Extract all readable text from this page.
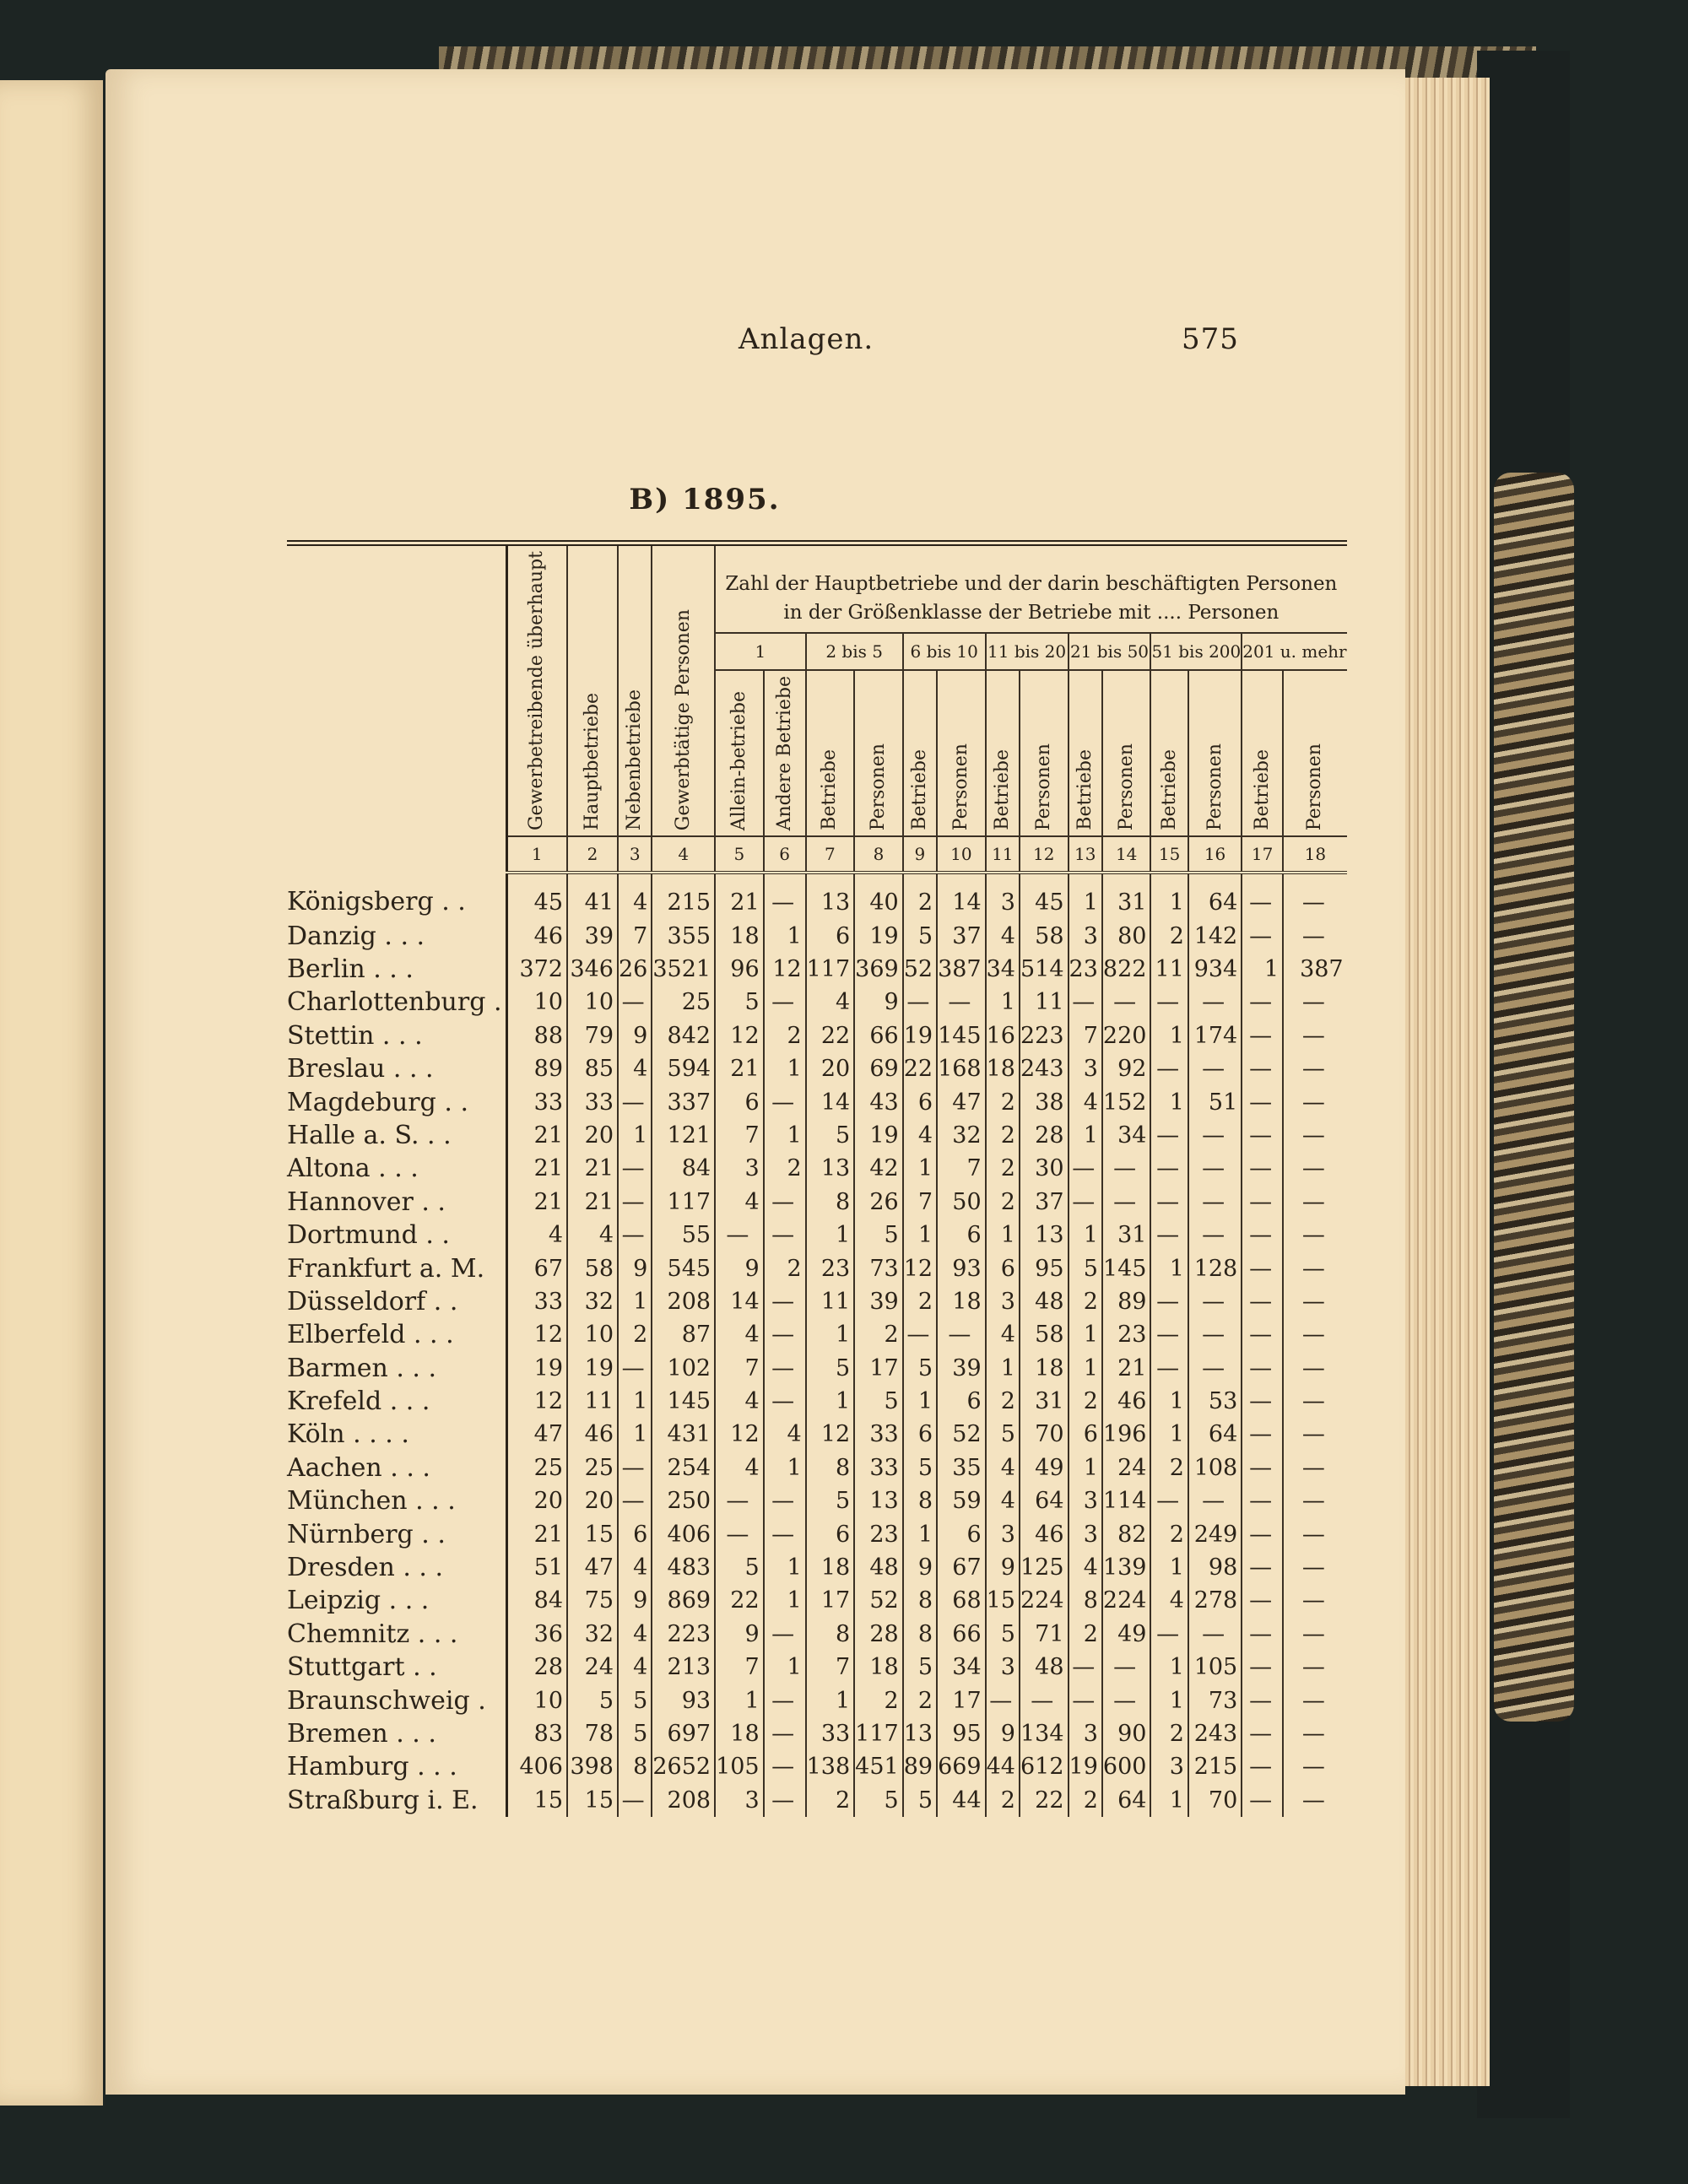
Anlagen.	575
B) 1895.

	Gewerbetreibende überhaupt	Hauptbetriebe	Nebenbetriebe	Gewerbtätige Personen	Zahl der Hauptbetriebe und der darin beschäftigten Personen in der Größenklasse der Betriebe mit .... Personen													
					1		2 bis 5		6 bis 10		11 bis 20		21 bis 50		51 bis 200		201 u. mehr	

					Allein-betriebe	Andere Betriebe	Betriebe	Personen	Betriebe	Personen	Betriebe	Personen	Betriebe	Personen	Betriebe	Personen	Betriebe	Personen

	1	2	3	4	5	6	7	8	9	10	11	12	13	14	15	16	17	18
Königsberg . .	45	41	4	215	21	—	13	40	2	14	3	45	1	31	1	64	—	—
Danzig . . .	46	39	7	355	18	1	6	19	5	37	4	58	3	80	2	142	—	—
Berlin . . .	372	346	26	3521	96	12	117	369	52	387	34	514	23	822	11	934	1	387
Charlottenburg .	10	10	—	25	5	—	4	9	—	—	1	11	—	—	—	—	—	—
Stettin . . .	88	79	9	842	12	2	22	66	19	145	16	223	7	220	1	174	—	—
Breslau . . .	89	85	4	594	21	1	20	69	22	168	18	243	3	92	—	—	—	—
Magdeburg . .	33	33	—	337	6	—	14	43	6	47	2	38	4	152	1	51	—	—
Halle a. S. . .	21	20	1	121	7	1	5	19	4	32	2	28	1	34	—	—	—	—
Altona . . .	21	21	—	84	3	2	13	42	1	7	2	30	—	—	—	—	—	—
Hannover . .	21	21	—	117	4	—	8	26	7	50	2	37	—	—	—	—	—	—
Dortmund . .	4	4	—	55	—	—	1	5	1	6	1	13	1	31	—	—	—	—
Frankfurt a. M.	67	58	9	545	9	2	23	73	12	93	6	95	5	145	1	128	—	—
Düsseldorf . .	33	32	1	208	14	—	11	39	2	18	3	48	2	89	—	—	—	—
Elberfeld . . .	12	10	2	87	4	—	1	2	—	—	4	58	1	23	—	—	—	—
Barmen . . .	19	19	—	102	7	—	5	17	5	39	1	18	1	21	—	—	—	—
Krefeld . . .	12	11	1	145	4	—	1	5	1	6	2	31	2	46	1	53	—	—
Köln . . . .	47	46	1	431	12	4	12	33	6	52	5	70	6	196	1	64	—	—
Aachen . . .	25	25	—	254	4	1	8	33	5	35	4	49	1	24	2	108	—	—
München . . .	20	20	—	250	—	—	5	13	8	59	4	64	3	114	—	—	—	—
Nürnberg . .	21	15	6	406	—	—	6	23	1	6	3	46	3	82	2	249	—	—
Dresden . . .	51	47	4	483	5	1	18	48	9	67	9	125	4	139	1	98	—	—
Leipzig . . .	84	75	9	869	22	1	17	52	8	68	15	224	8	224	4	278	—	—
Chemnitz . . .	36	32	4	223	9	—	8	28	8	66	5	71	2	49	—	—	—	—
Stuttgart . .	28	24	4	213	7	1	7	18	5	34	3	48	—	—	1	105	—	—
Braunschweig .	10	5	5	93	1	—	1	2	2	17	—	—	—	—	1	73	—	—
Bremen . . .	83	78	5	697	18	—	33	117	13	95	9	134	3	90	2	243	—	—
Hamburg . . .	406	398	8	2652	105	—	138	451	89	669	44	612	19	600	3	215	—	—
Straßburg i. E.	15	15	—	208	3	—	2	5	5	44	2	22	2	64	1	70	—	—
